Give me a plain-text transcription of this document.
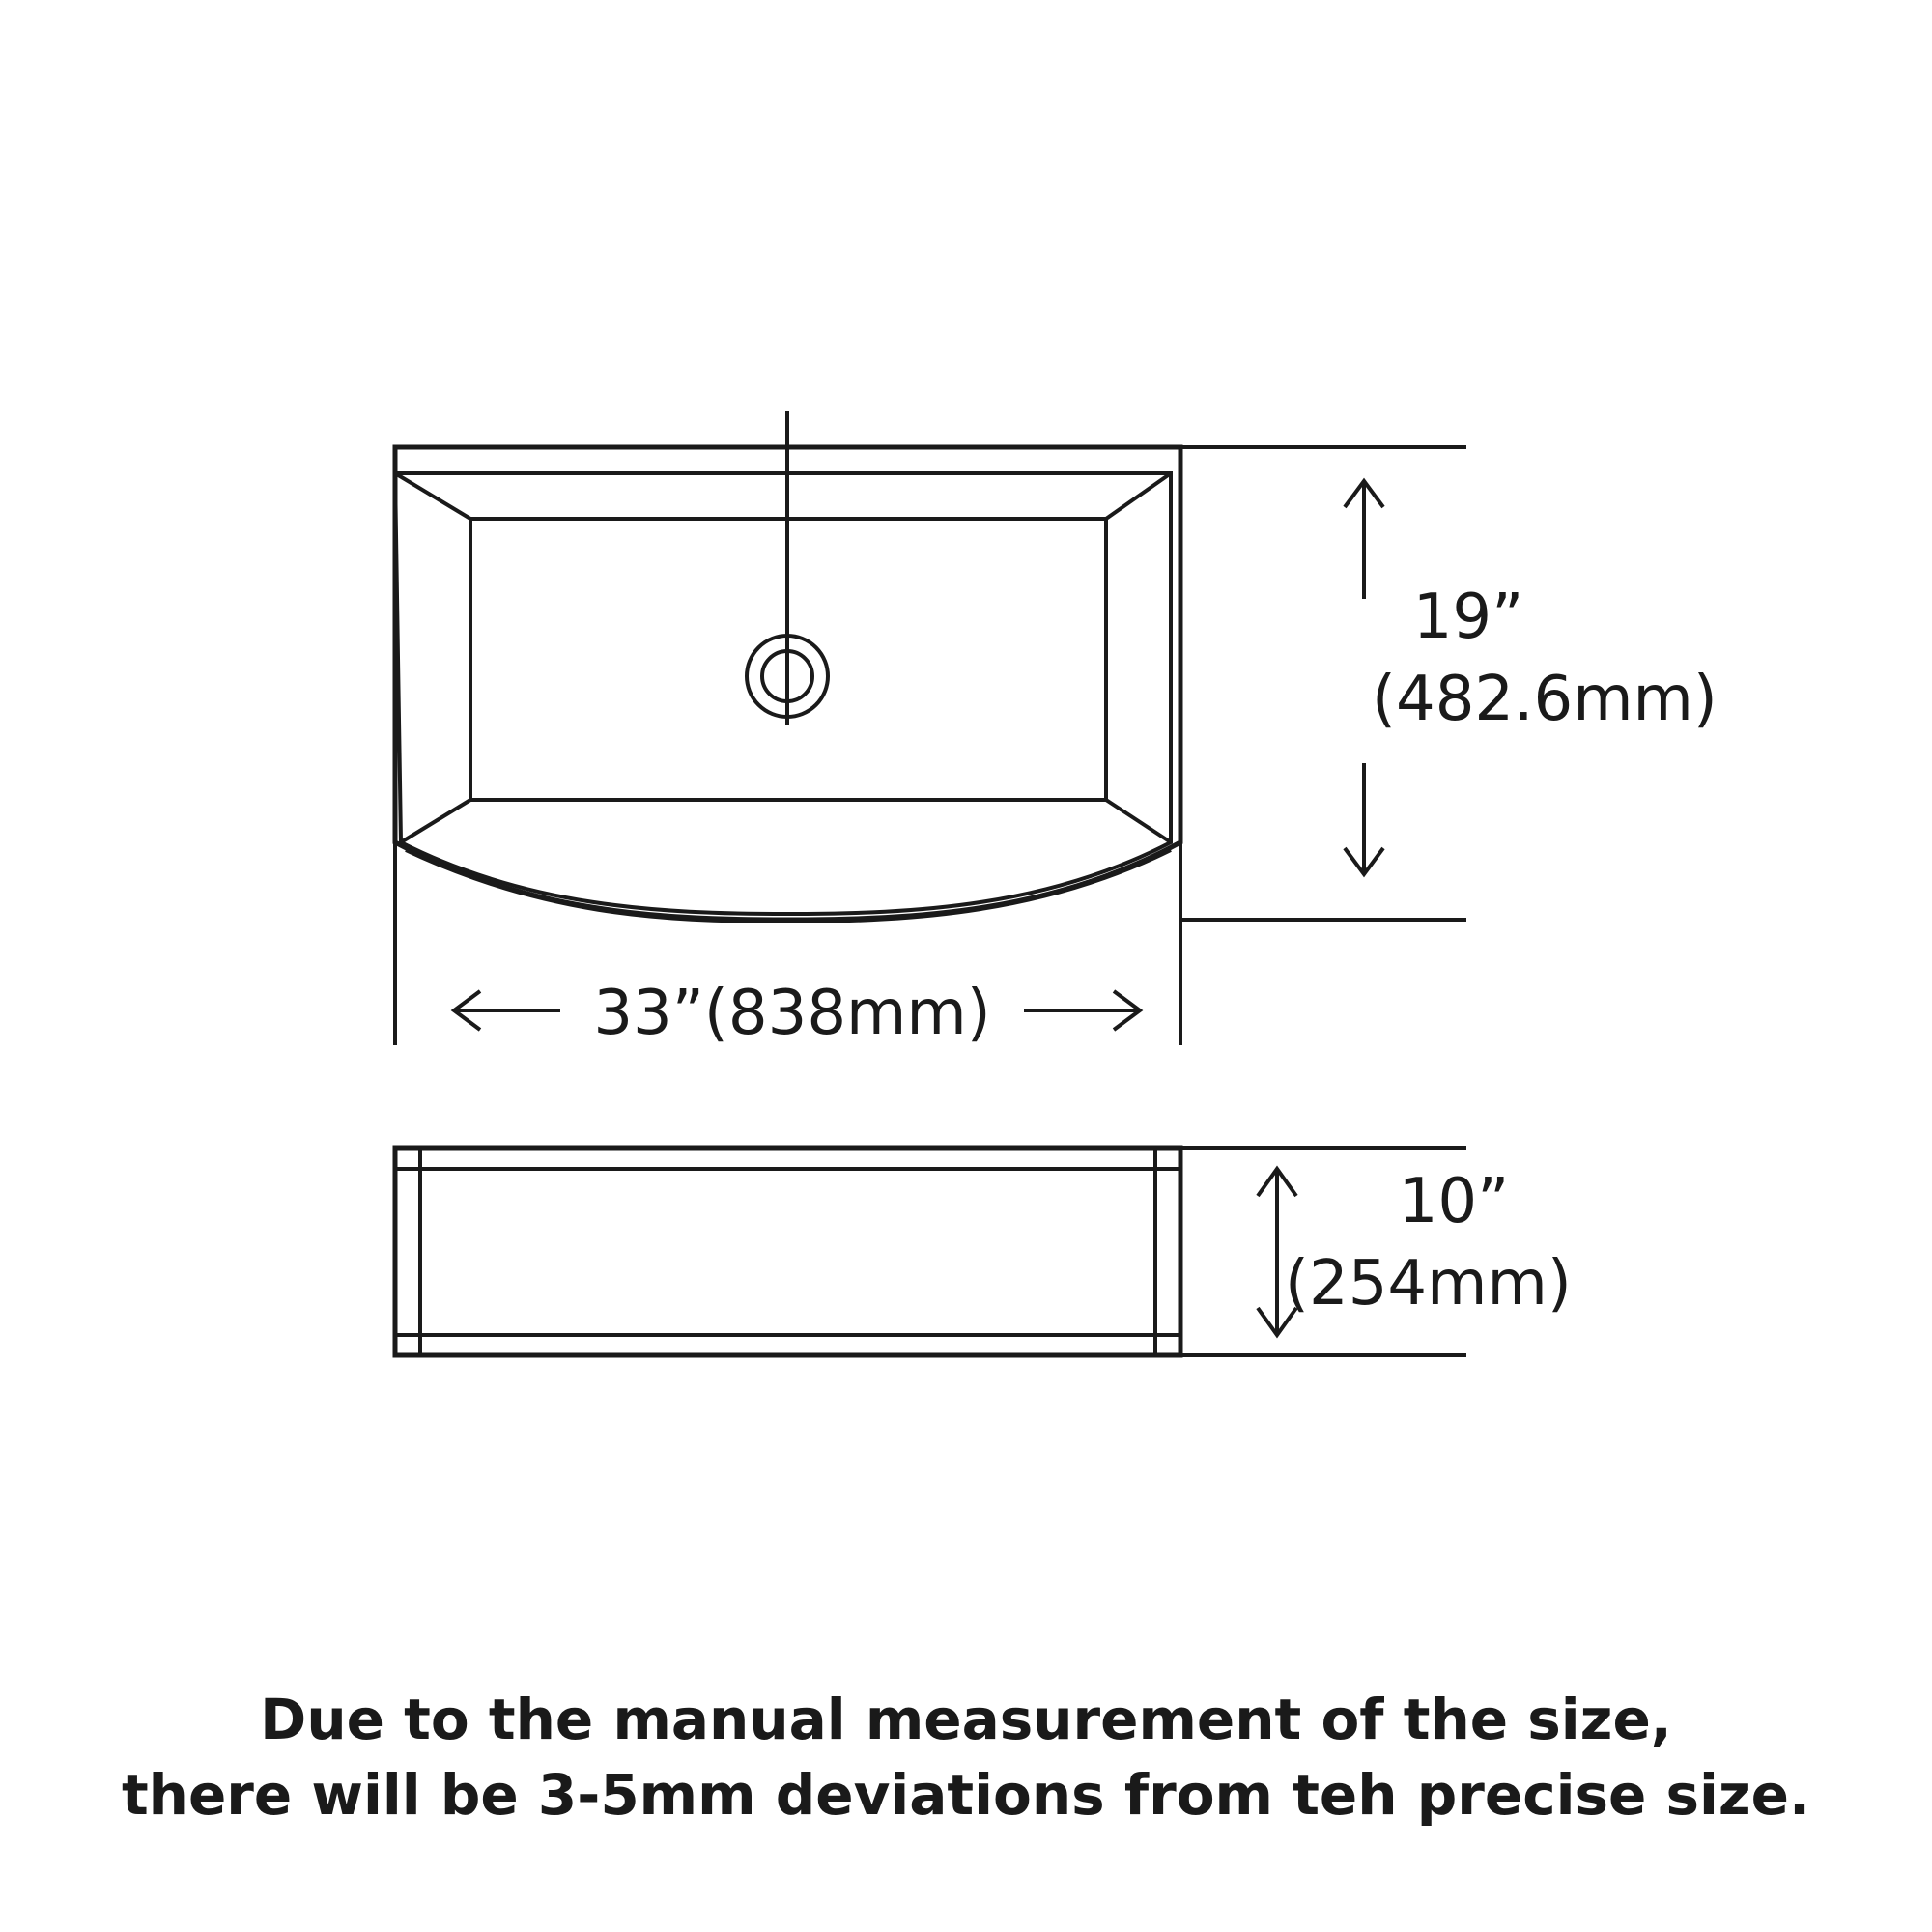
19”
(482.6mm)
33”(838mm)
10”
(254mm)
Due to the manual measurement of the size,
there will be 3-5mm deviations from teh precise size.
